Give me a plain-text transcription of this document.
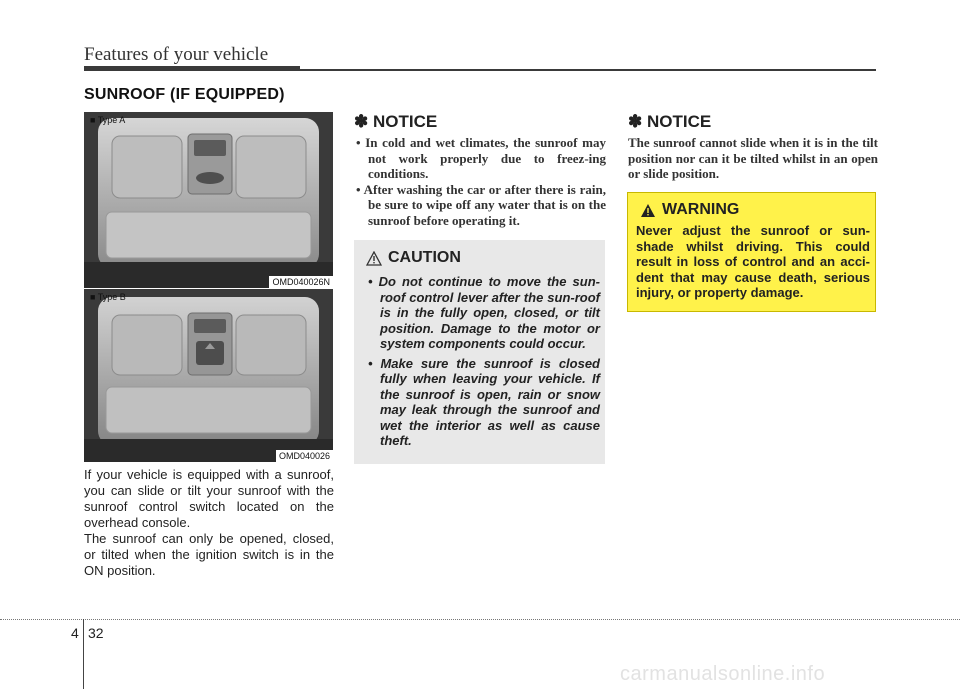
Features of your vehicle
SUNROOF (IF EQUIPPED)
■ Type A
OMD040026N
■ Type B
OMD040026

If your vehicle is equipped with a sunroof, you can slide or tilt your sunroof with the sunroof control switch located on the overhead console.

The sunroof can only be opened, closed, or tilted when the ignition switch is in the ON position.

✽ NOTICE
• In cold and wet climates, the sunroof may not work properly due to freez-ing conditions.
• After washing the car or after there is rain, be sure to wipe off any water that is on the sunroof before operating it.
CAUTION
• Do not continue to move the sun-roof control lever after the sun-roof is in the fully open, closed, or tilt position. Damage to the motor or system components could occur.
• Make sure the sunroof is closed fully when leaving your vehicle. If the sunroof is open, rain or snow may leak through the sunroof and wet the interior as well as cause theft.
✽ NOTICE
The sunroof cannot slide when it is in the tilt position nor can it be tilted whilst in an open or slide position.
WARNING
Never adjust the sunroof or sun-shade whilst driving. This could result in loss of control and an acci-dent that may cause death, serious injury, or property damage.
4 32
carmanualsonline.info
